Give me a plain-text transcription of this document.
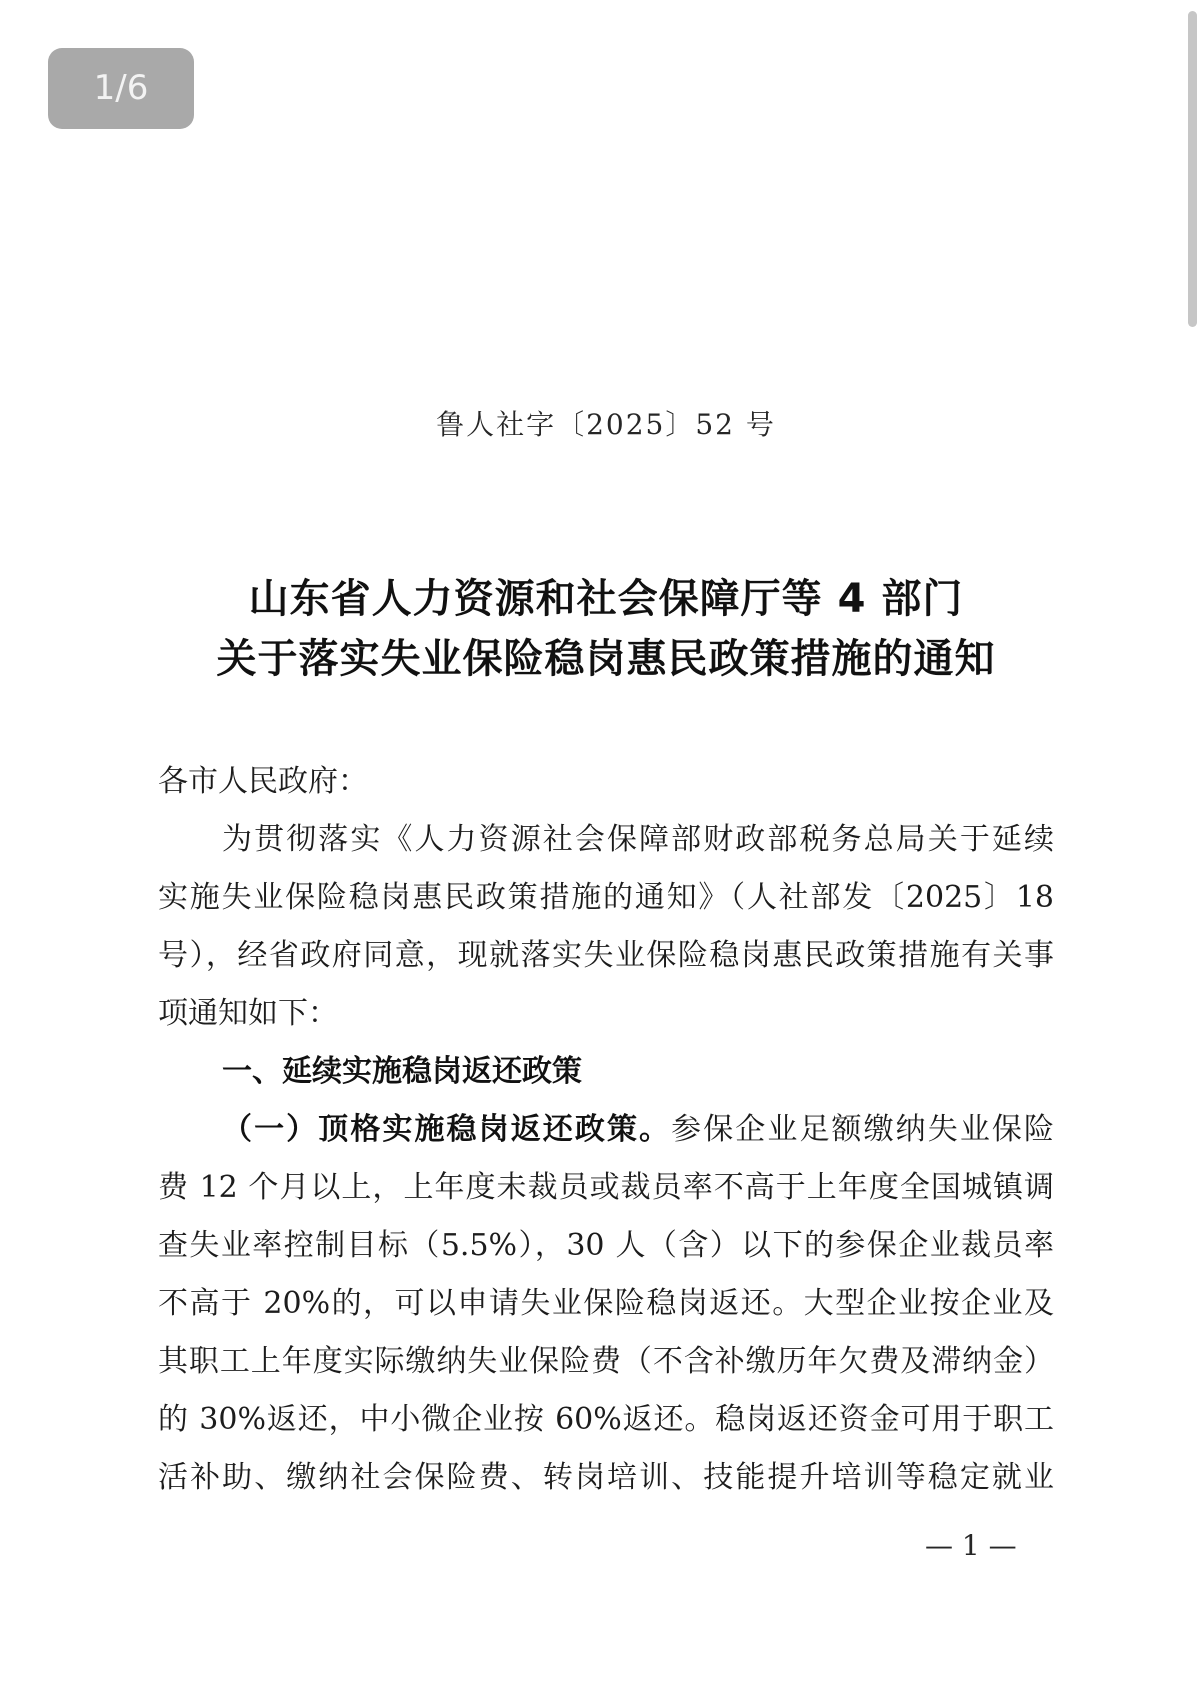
1/6
鲁人社字〔2025〕52 号
山东省人力资源和社会保障厅等 4 部门
关于落实失业保险稳岗惠民政策措施的通知
各市人民政府：
为贯彻落实《人力资源社会保障部财政部税务总局关于延续
实施失业保险稳岗惠民政策措施的通知》（人社部发〔2025〕18
号），经省政府同意，现就落实失业保险稳岗惠民政策措施有关事
项通知如下：
一、延续实施稳岗返还政策
（一）顶格实施稳岗返还政策。参保企业足额缴纳失业保险
费 12 个月以上，上年度未裁员或裁员率不高于上年度全国城镇调
查失业率控制目标（5.5%），30 人（含）以下的参保企业裁员率
不高于 20%的，可以申请失业保险稳岗返还。大型企业按企业及
其职工上年度实际缴纳失业保险费（不含补缴历年欠费及滞纳金）
的 30%返还，中小微企业按 60%返还。稳岗返还资金可用于职工
活补助、缴纳社会保险费、转岗培训、技能提升培训等稳定就业
— 1 —
